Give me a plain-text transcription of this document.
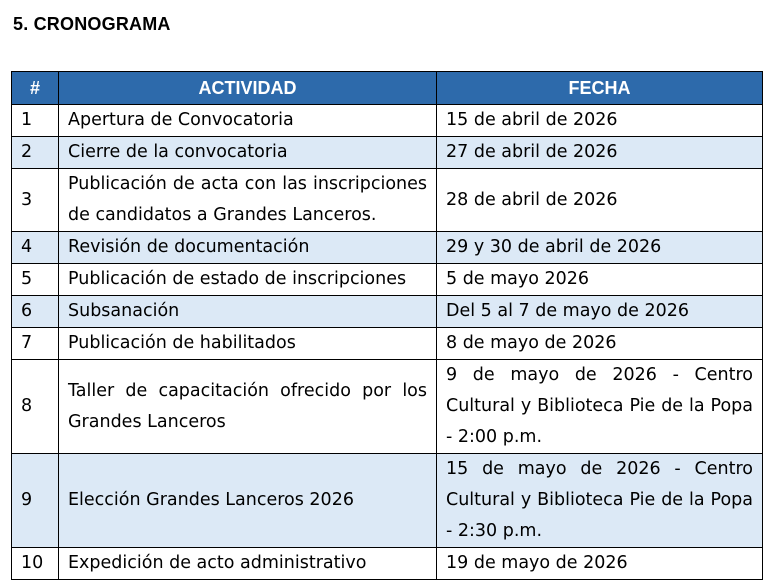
5. CRONOGRAMA
#	ACTIVIDAD	FECHA
1	Apertura de Convocatoria	15 de abril de 2026
2	Cierre de la convocatoria	27 de abril de 2026
3	Publicación de acta con las inscripciones de candidatos a Grandes Lanceros.	28 de abril de 2026
4	Revisión de documentación	29 y 30 de abril de 2026
5	Publicación de estado de inscripciones	5 de mayo 2026
6	Subsanación	Del 5 al 7 de mayo de 2026
7	Publicación de habilitados	8 de mayo de 2026
8	Taller de capacitación ofrecido por los Grandes Lanceros	9 de mayo de 2026 - Centro Cultural y Biblioteca Pie de la Popa - 2:00 p.m.
9	Elección Grandes Lanceros 2026	15 de mayo de 2026 - Centro Cultural y Biblioteca Pie de la Popa - 2:30 p.m.
10	Expedición de acto administrativo	19 de mayo de 2026
